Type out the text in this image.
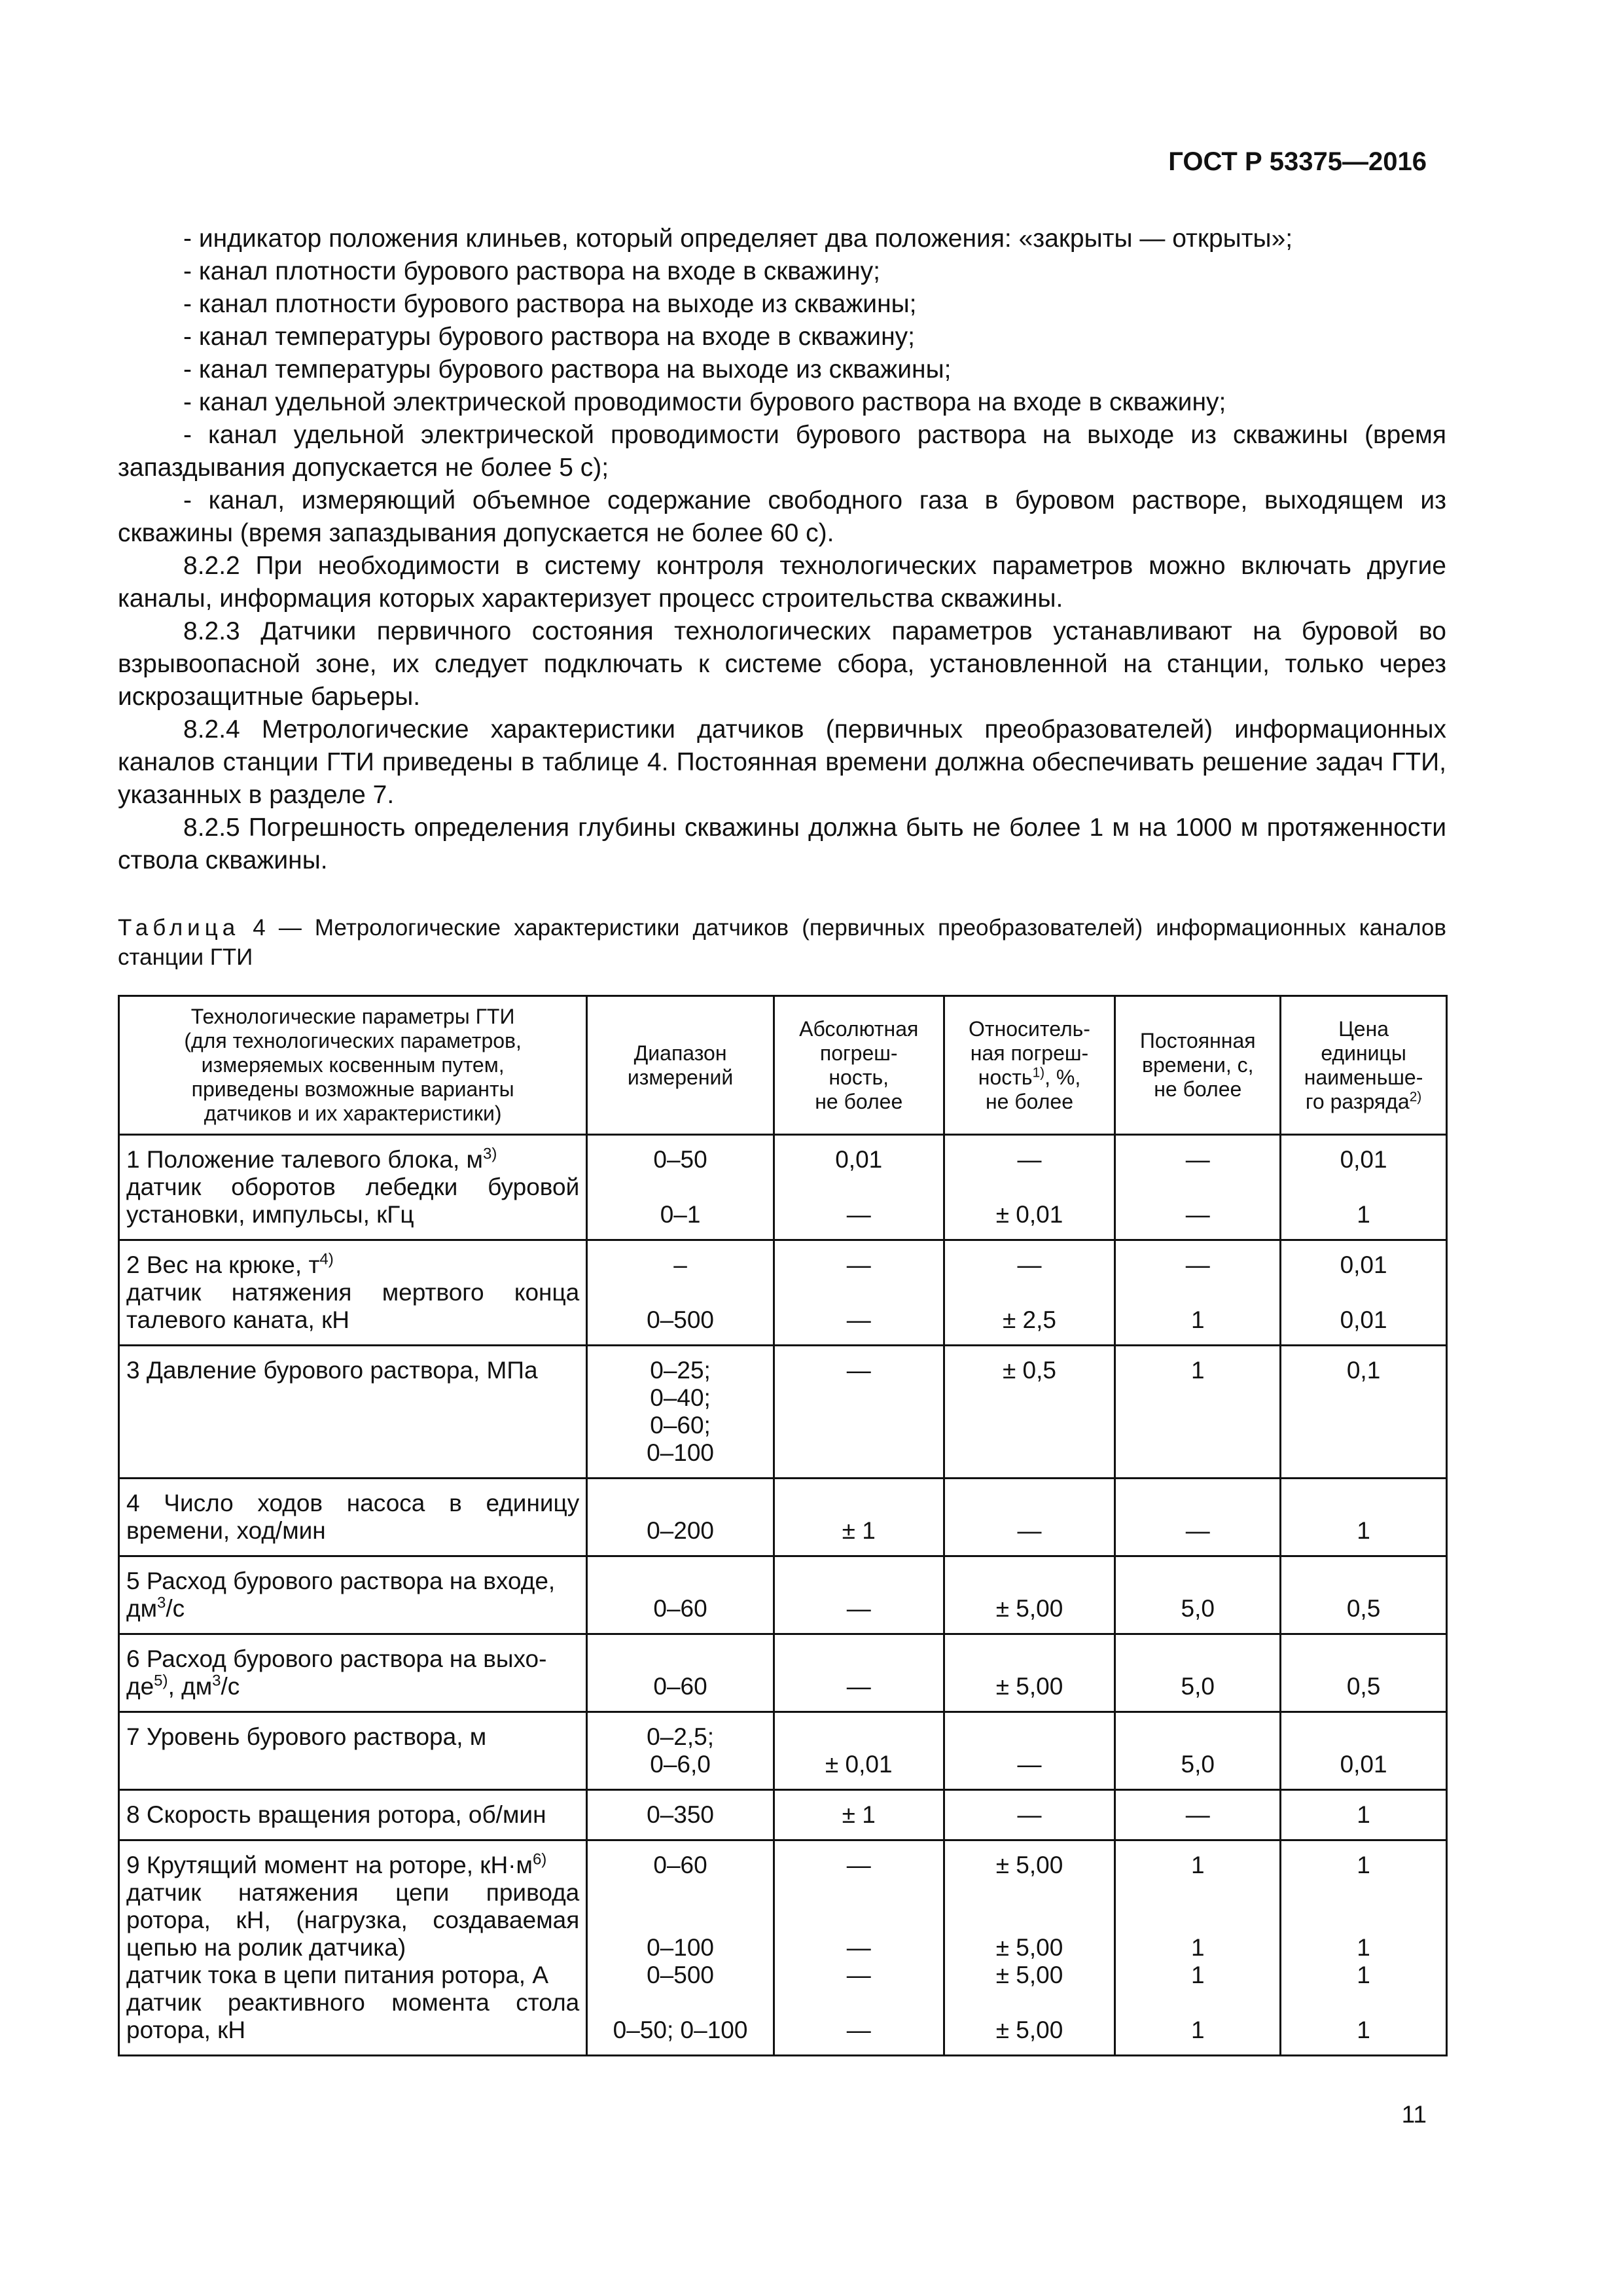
ГОСТ Р 53375—2016

- индикатор положения клиньев, который определяет два положения: «закрыты — открыты»;

- канал плотности бурового раствора на входе в скважину;

- канал плотности бурового раствора на выходе из скважины;

- канал температуры бурового раствора на входе в скважину;

- канал температуры бурового раствора на выходе из скважины;

- канал удельной электрической проводимости бурового раствора на входе в скважину;

- канал удельной электрической проводимости бурового раствора на выходе из скважины (время запаздывания допускается не более 5 с);

- канал, измеряющий объемное содержание свободного газа в буровом растворе, выходящем из скважины (время запаздывания допускается не более 60 с).

8.2.2 При необходимости в систему контроля технологических параметров можно включать другие каналы, информация которых характеризует процесс строительства скважины.

8.2.3 Датчики первичного состояния технологических параметров устанавливают на буровой во взрывоопасной зоне, их следует подключать к системе сбора, установленной на станции, только через искрозащитные барьеры.

8.2.4 Метрологические характеристики датчиков (первичных преобразователей) информационных каналов станции ГТИ приведены в таблице 4. Постоянная времени должна обеспечивать решение задач ГТИ, указанных в разделе 7.

8.2.5 Погрешность определения глубины скважины должна быть не более 1 м на 1000 м протяженности ствола скважины.

Таблица 4 — Метрологические характеристики датчиков (первичных преобразователей) информационных каналов станции ГТИ
Технологические параметры ГТИ
(для технологических параметров,
измеряемых косвенным путем,
приведены возможные варианты
датчиков и их характеристики)	Диапазон
измерений	Абсолютная
погреш-
ность,
не более	Относитель-
ная погреш-
ность$^{1)}$, %,
не более	Постоянная
времени, с,
не более	Цена
единицы
наименьше-
го разряда$^{2)}$
1 Положение талевого блока, $м^{3)}$	0–50	0,01	—	—	0,01
датчик оборотов лебедки буровой установки, импульсы, кГц	0–1	—	± 0,01	—	1
2 Вес на крюке, $т^{4)}$	–	—	—	—	0,01
датчик натяжения мертвого конца талевого каната, кН	0–500	—	± 2,5	1	0,01
3 Давление бурового раствора, МПа	0–25;
0–40;
0–60;
0–100	—	± 0,5	1	0,1
4 Число ходов насоса в единицу времени, ход/мин	0–200	± 1	—	—	1
5 Расход бурового раствора на входе,
$дм^3/с$	0–60	—	± 5,00	5,0	0,5
6 Расход бурового раствора на выхо-
$де^{5)}$, $дм^3/с$	0–60	—	± 5,00	5,0	0,5
7 Уровень бурового раствора, м	0–2,5;
0–6,0	± 0,01	—	5,0	0,01
8 Скорость вращения ротора, об/мин	0–350	± 1	—	—	1
9 Крутящий момент на роторе, $кН\cdot м^{6)}$	0–60	—	± 5,00	1	1
датчик натяжения цепи привода ротора, кН, (нагрузка, создаваемая цепью на ролик датчика)	0–100	—	± 5,00	1	1
датчик тока в цепи питания ротора, А	0–500	—	± 5,00	1	1
датчик реактивного момента стола ротора, кН	0–50; 0–100	—	± 5,00	1	1
11
